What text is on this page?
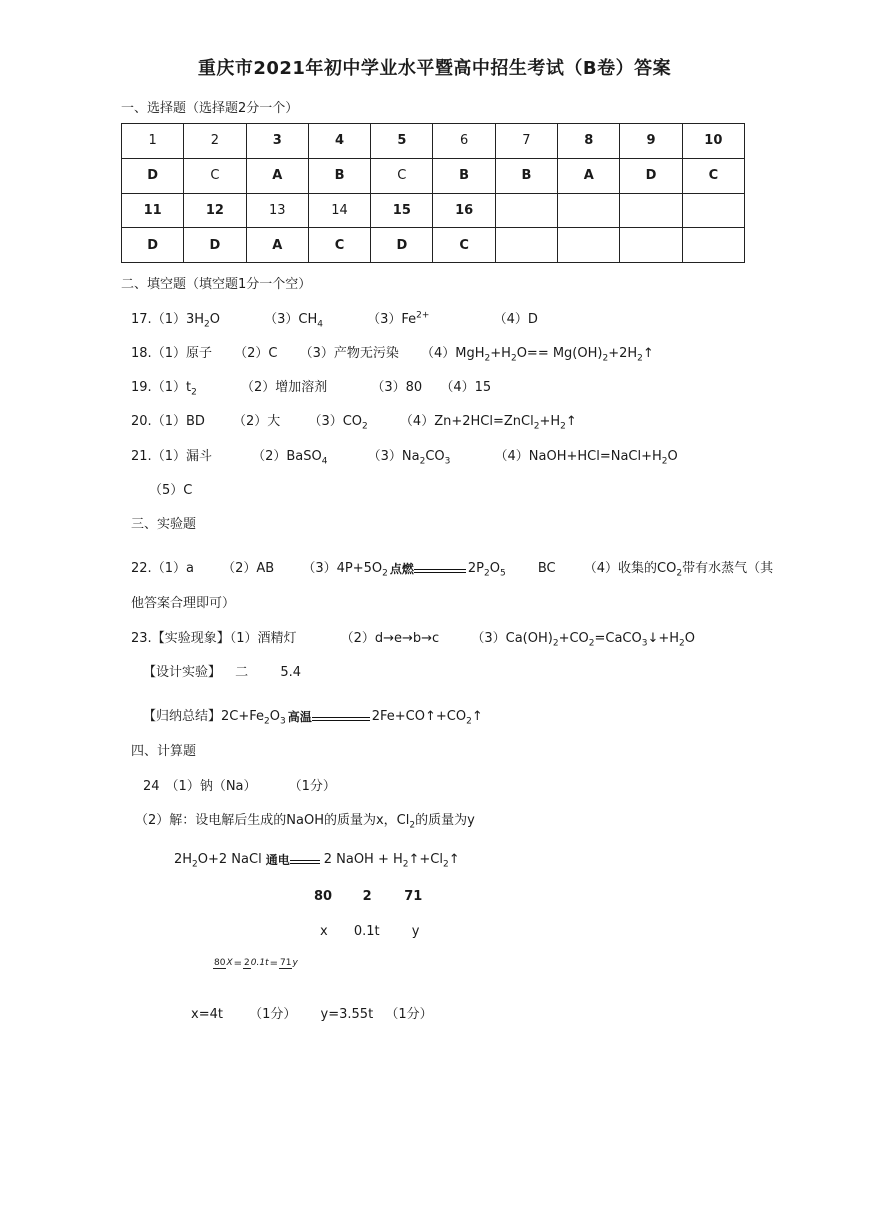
重庆市2021年初中学业水平暨高中招生考试（B卷）答案
一、选择题（选择题2分一个）
1	2	3	4	5	6	7	8	9	10
D	C	A	B	C	B	B	A	D	C
11	12	13	14	15	16				
D	D	A	C	D	C				
二、填空题（填空题1分一个空）
$17.(1)3H_2O$	$(3)CH_4$	$(3)Fe^{2+}$	（4）D
18.（1）原子 （2）C （3）产物无污染 $(4)MgH_2+H_2O==$ $Mg(OH)_2+2H_2↑$
$19.(1)t_2$	（2）增加溶剂	（3）80 （4）15
20.（1）BD （2）大 $(3)CO_2$ $(4)Zn+2HCl=ZnCl_2+H_2↑$
21.（1）漏斗	（2）BaSO$_4$	$(3)Na_2CO_3$	$(4)NaOH+HCl=NaCl+H_2O$
（5）C
三、实验题
22.（1）a （2）AB $(3)4P+5O_2$ 点燃	$2P_2O_5$ BC （4）收集的$CO_2$带有水蒸气（其
他答案合理即可）
23.【实验现象】（1）酒精灯	（2）d→e→b→c $(3)Ca(OH)_2+CO_2=CaCO_3↓+H_2O$
【设计实验】 二 5.4
【归纳总结】$2C+Fe_2O_3$ 高温	$2Fe+CO↑+CO_2↑$
四、计算题
24 （1）钠（Na） （1分）
（2）解：设电解后生成的NaOH的质量为x，$Cl_2$的质量为y
$2H_2O+2$ NaCl 通电	2 NaOH + $H_2↑+Cl_2↑$
80 2	71
x 0.1t y
80X= 20.1t= 71y
x=4t （1分） y=3.55t （1分）
